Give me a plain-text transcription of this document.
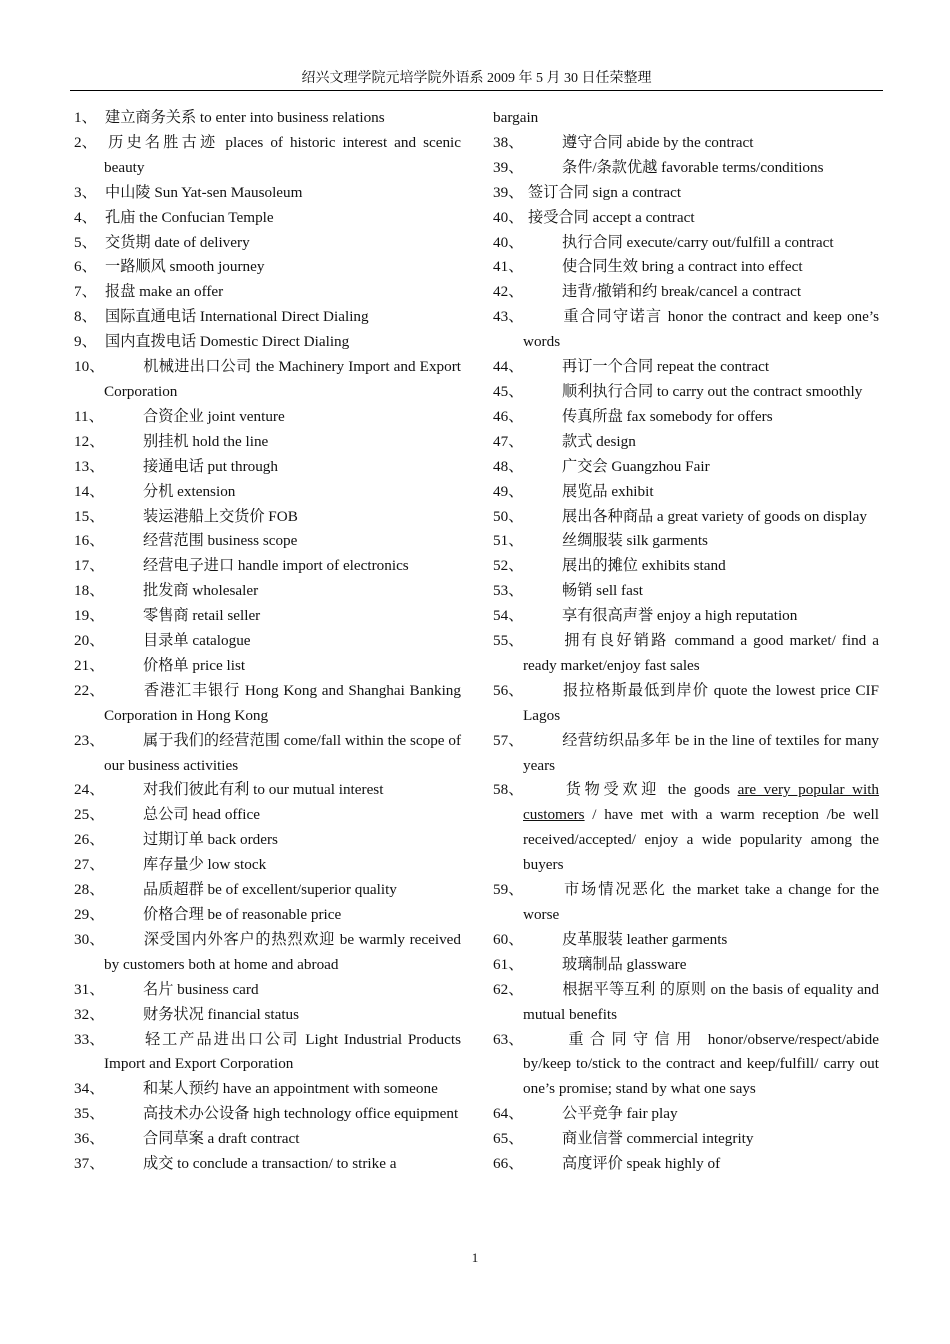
绍兴文理学院元培学院外语系 2009 年 5 月 30 日任荣整理
1、 建立商务关系 to enter into business relations
2、 历史名胜古迹 places of historic interest and scenic beauty
3、 中山陵 Sun Yat-sen Mausoleum
4、 孔庙 the Confucian Temple
5、 交货期 date of delivery
6、 一路顺风 smooth journey
7、 报盘 make an offer
8、 国际直通电话 International Direct Dialing
9、 国内直拨电话 Domestic Direct Dialing
10、	机械进出口公司 the Machinery Import and Export Corporation
11、	合资企业 joint venture
12、	别挂机 hold the line
13、	接通电话 put through
14、	分机 extension
15、	装运港船上交货价 FOB
16、	经营范围 business scope
17、	经营电子进口 handle import of electronics
18、	批发商 wholesaler
19、	零售商 retail seller
20、	目录单 catalogue
21、	价格单 price list
22、	香港汇丰银行 Hong Kong and Shanghai Banking Corporation in Hong Kong
23、	属于我们的经营范围 come/fall within the scope of our business activities
24、	对我们彼此有利 to our mutual interest
25、	总公司 head office
26、	过期订单 back orders
27、	库存量少 low stock
28、	品质超群 be of excellent/superior quality
29、	价格合理 be of reasonable price
30、	深受国内外客户的热烈欢迎 be warmly received by customers both at home and abroad
31、	名片 business card
32、	财务状况 financial status
33、	轻工产品进出口公司 Light Industrial Products Import and Export Corporation
34、	和某人预约 have an appointment with someone
35、	高技术办公设备 high technology office equipment
36、	合同草案 a draft contract
37、	成交 to conclude a transaction/ to strike a
bargain
38、	遵守合同 abide by the contract
39、	条件/条款优越 favorable terms/conditions
39、 签订合同 sign a contract
40、 接受合同 accept a contract
40、	执行合同 execute/carry out/fulfill a contract
41、	使合同生效 bring a contract into effect
42、	违背/撤销和约 break/cancel a contract
43、	重合同守诺言 honor the contract and keep one’s words
44、	再订一个合同 repeat the contract
45、	顺利执行合同 to carry out the contract smoothly
46、	传真所盘 fax somebody for offers
47、	款式 design
48、	广交会 Guangzhou Fair
49、	展览品 exhibit
50、	展出各种商品 a great variety of goods on display
51、	丝绸服装 silk garments
52、	展出的摊位 exhibits stand
53、	畅销 sell fast
54、	享有很高声誉 enjoy a high reputation
55、	拥有良好销路 command a good market/ find a ready market/enjoy fast sales
56、	报拉格斯最低到岸价 quote the lowest price CIF Lagos
57、	经营纺织品多年 be in the line of textiles for many years
58、	货物受欢迎 the goods are very popular with customers / have met with a warm reception /be well received/accepted/ enjoy a wide popularity among the buyers
59、	市场情况恶化 the market take a change for the worse
60、	皮革服装 leather garments
61、	玻璃制品 glassware
62、	根据平等互利 的原则 on the basis of equality and mutual benefits
63、	重合同守信用 honor/observe/respect/abide by/keep to/stick to the contract and keep/fulfill/ carry out one’s promise; stand by what one says
64、	公平竞争 fair play
65、	商业信誉 commercial integrity
66、	高度评价 speak highly of
1
